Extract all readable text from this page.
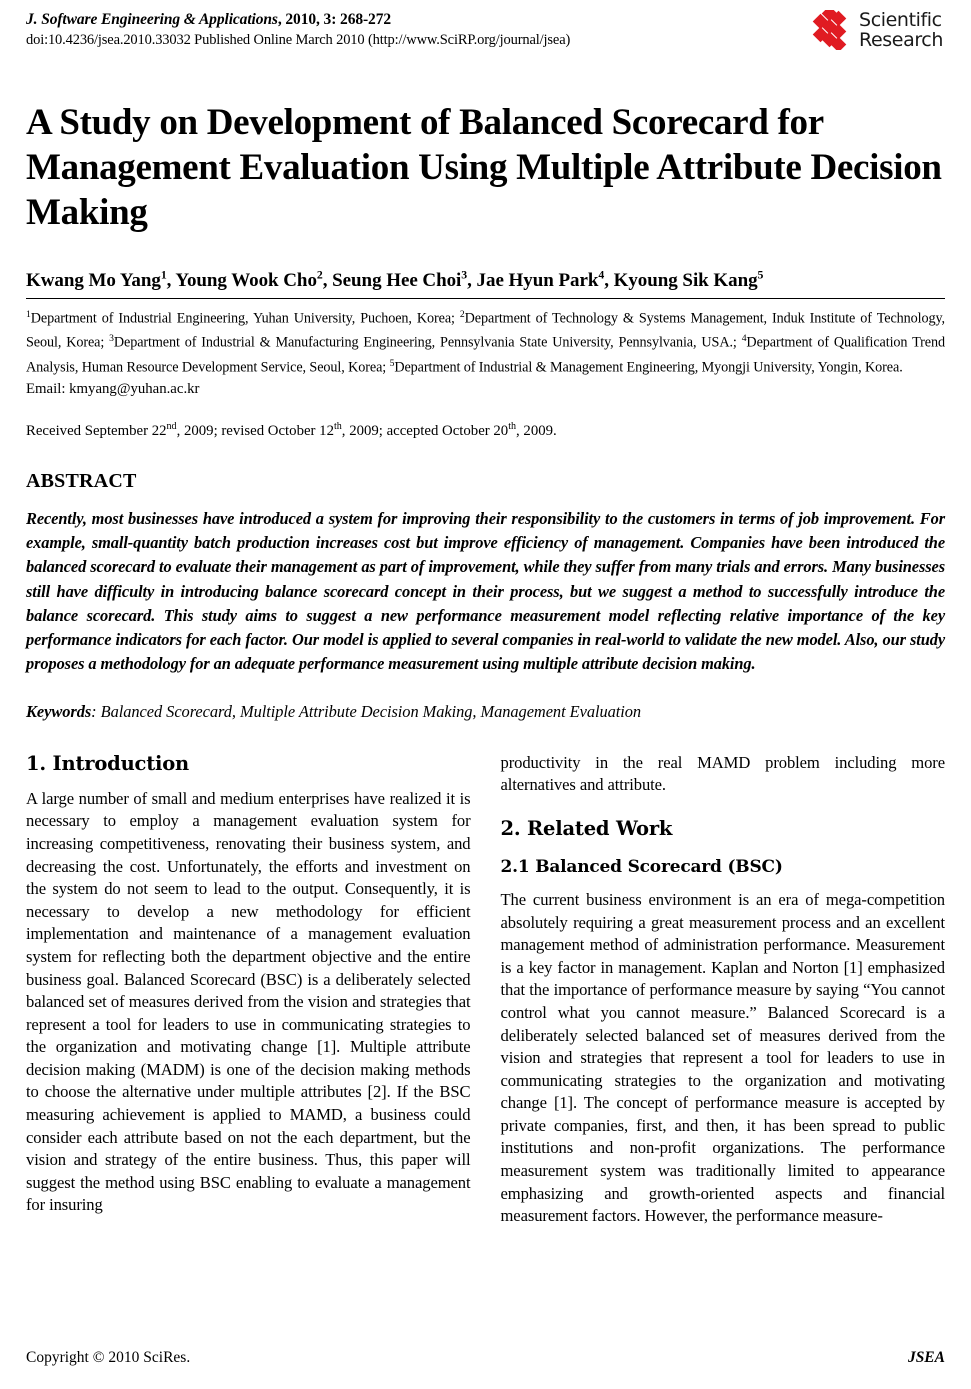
J. Software Engineering & Applications, 2010, 3: 268-272
doi:10.4236/jsea.2010.33032 Published Online March 2010 (http://www.SciRP.org/journal/jsea)
Scientific
Research
A Study on Development of Balanced Scorecard for Management Evaluation Using Multiple Attribute Decision Making
Kwang Mo Yang$^1$, Young Wook Cho$^2$, Seung Hee Choi$^3$, Jae Hyun Park$^4$, Kyoung Sik Kang$^5$
$^1$Department of Industrial Engineering, Yuhan University, Puchoen, Korea; $^2$Department of Technology & Systems Management, Induk Institute of Technology, Seoul, Korea; $^3$Department of Industrial & Manufacturing Engineering, Pennsylvania State University, Pennsylvania, USA.; $^4$Department of Qualification Trend Analysis, Human Resource Development Service, Seoul, Korea; $^5$Department of Industrial & Management Engineering, Myongji University, Yongin, Korea.
Email: kmyang@yuhan.ac.kr
Received September 22nd, 2009; revised October 12th, 2009; accepted October 20th, 2009.
ABSTRACT
Recently, most businesses have introduced a system for improving their responsibility to the customers in terms of job improvement. For example, small-quantity batch production increases cost but improve efficiency of management. Companies have been introduced the balanced scorecard to evaluate their management as part of improvement, while they suffer from many trials and errors. Many businesses still have difficulty in introducing balance scorecard concept in their process, but we suggest a method to successfully introduce the balance scorecard. This study aims to suggest a new performance measurement model reflecting relative importance of the key performance indicators for each factor. Our model is applied to several companies in real-world to validate the new model. Also, our study proposes a methodology for an adequate performance measurement using multiple attribute decision making.
Keywords: Balanced Scorecard, Multiple Attribute Decision Making, Management Evaluation
1. Introduction

A large number of small and medium enterprises have realized it is necessary to employ a management evaluation system for increasing competitiveness, renovating their business system, and decreasing the cost. Unfortunately, the efforts and investment on the system do not seem to lead to the output. Consequently, it is necessary to develop a new methodology for efficient implementation and maintenance of a management evaluation system for reflecting both the department objective and the entire business goal. Balanced Scorecard (BSC) is a deliberately selected balanced set of measures derived from the vision and strategies that represent a tool for leaders to use in communicating strategies to the organization and motivating change [1]. Multiple attribute decision making (MADM) is one of the decision making methods to choose the alternative under multiple attributes [2]. If the BSC measuring achievement is applied to MAMD, a business could consider each attribute based on not the each department, but the vision and strategy of the entire business. Thus, this paper will suggest the method using BSC enabling to evaluate a management for insuring

productivity in the real MAMD problem including more alternatives and attribute.

2. Related Work
2.1 Balanced Scorecard (BSC)

The current business environment is an era of mega-competition absolutely requiring a great measurement process and an excellent management method of administration performance. Measurement is a key factor in management. Kaplan and Norton [1] emphasized that the importance of performance measure by saying “You cannot control what you cannot measure.” Balanced Scorecard is a deliberately selected balanced set of measures derived from the vision and strategies that represent a tool for leaders to use in communicating strategies to the organization and motivating change [1]. The concept of performance measure is accepted by private companies, first, and then, it has been spread to public institutions and non-profit organizations. The performance measurement system was traditionally limited to appearance emphasizing and growth-oriented aspects and financial measurement factors. However, the performance measure-

Copyright © 2010 SciRes.	JSEA
